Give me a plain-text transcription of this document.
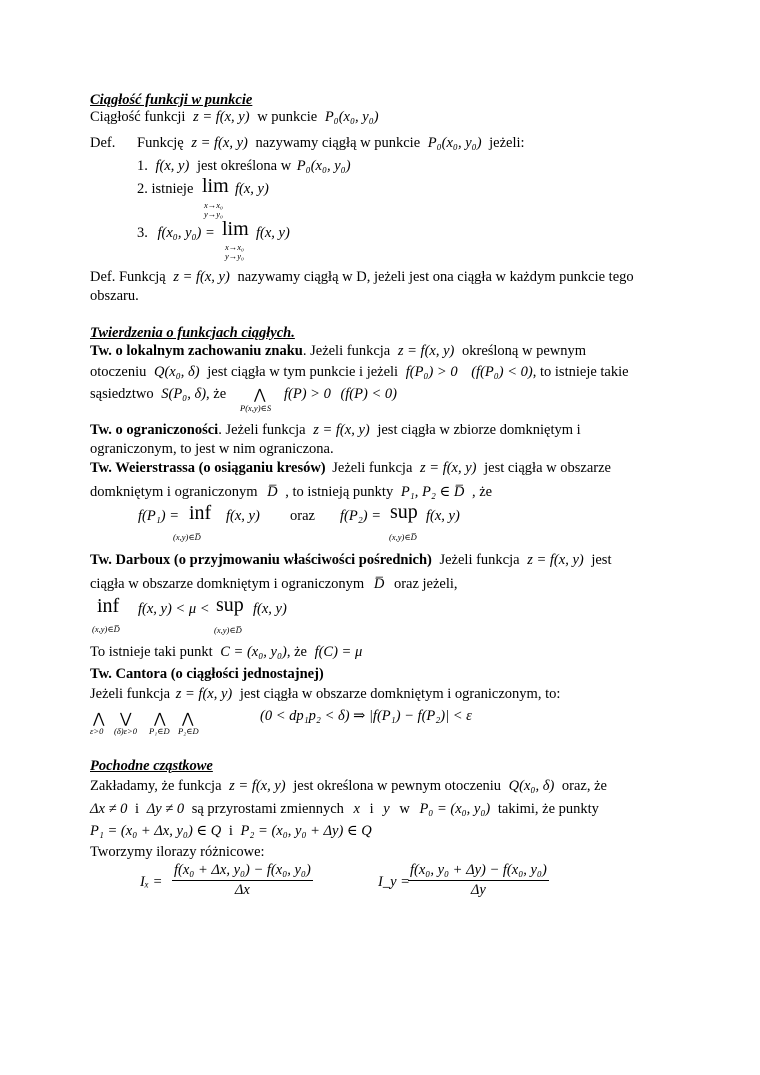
Ciągłość funkcji w punkcie
Ciągłość funkcji z = f(x, y) w punkcie P₀(x₀, y₀)
Def. Funkcję z = f(x, y) nazywamy ciągłą w punkcie P₀(x₀, y₀) jeżeli:
1. f(x, y) jest określona w P₀(x₀, y₀)
2. istnieje lim
x→x₀
y→y₀
f(x, y)
3. f(x₀, y₀) = lim
x→x₀
y→y₀
f(x, y)
Def. Funkcją z = f(x, y) nazywamy ciągłą w D, jeżeli jest ona ciągła w każdym punkcie tego
obszaru.
Twierdzenia o funkcjach ciągłych.
Tw. o lokalnym zachowaniu znaku. Jeżeli funkcja z = f(x, y) określoną w pewnym
otoczeniu Q(x₀, δ) jest ciągła w tym punkcie i jeżeli f(P₀) > 0 (f(P₀) < 0), to istnieje takie
sąsiedztwo S(P₀, δ), że ⋀
P(x,y)∈S
f(P) > 0 (f(P) < 0)
Tw. o ograniczoności. Jeżeli funkcja z = f(x, y) jest ciągła w zbiorze domkniętym i
ograniczonym, to jest w nim ograniczona.
Tw. Weierstrassa (o osiąganiu kresów) Jeżeli funkcja z = f(x, y) jest ciągła w obszarze
domkniętym i ograniczonym D̅ , to istnieją punkty P₁, P₂ ∈ D̅ , że
f(P₁) = inf
(x,y)∈D̅
f(x, y) oraz f(P₂) = sup
(x,y)∈D̅
f(x, y)
Tw. Darboux (o przyjmowaniu właściwości pośrednich) Jeżeli funkcja z = f(x, y) jest
ciągła w obszarze domkniętym i ograniczonym D̅ oraz jeżeli,
inf
(x,y)∈D̅
f(x, y) < μ < sup
(x,y)∈D̅
f(x, y)
To istnieje taki punkt C = (x₀, y₀), że f(C) = μ
Tw. Cantora (o ciągłości jednostajnej)
Jeżeli funkcja z = f(x, y) jest ciągła w obszarze domkniętym i ograniczonym, to:
⋀ ⋁ ⋀ ⋀
ε>0 (δ)ε>0 P₁∈D P₂∈D
(0 < dp₁p₂ < δ) ⇒ |f(P₁) − f(P₂)| < ε
Pochodne cząstkowe
Zakładamy, że funkcja z = f(x, y) jest określona w pewnym otoczeniu Q(x₀, δ) oraz, że
Δx ≠ 0 i Δy ≠ 0 są przyrostami zmiennych x i y w P₀ = (x₀, y₀) takimi, że punkty
P₁ = (x₀ + Δx, y₀) ∈ Q i P₂ = (x₀, y₀ + Δy) ∈ Q
Tworzymy ilorazy różnicowe:
$I_x = \frac{\text{f(x₀ + Δx, y₀) − f(x₀, y₀)}}{\Delta x}$	I_y =
$\frac{\text{f(x₀, y₀ + Δy) − f(x₀, y₀)}}{\Delta y}$
